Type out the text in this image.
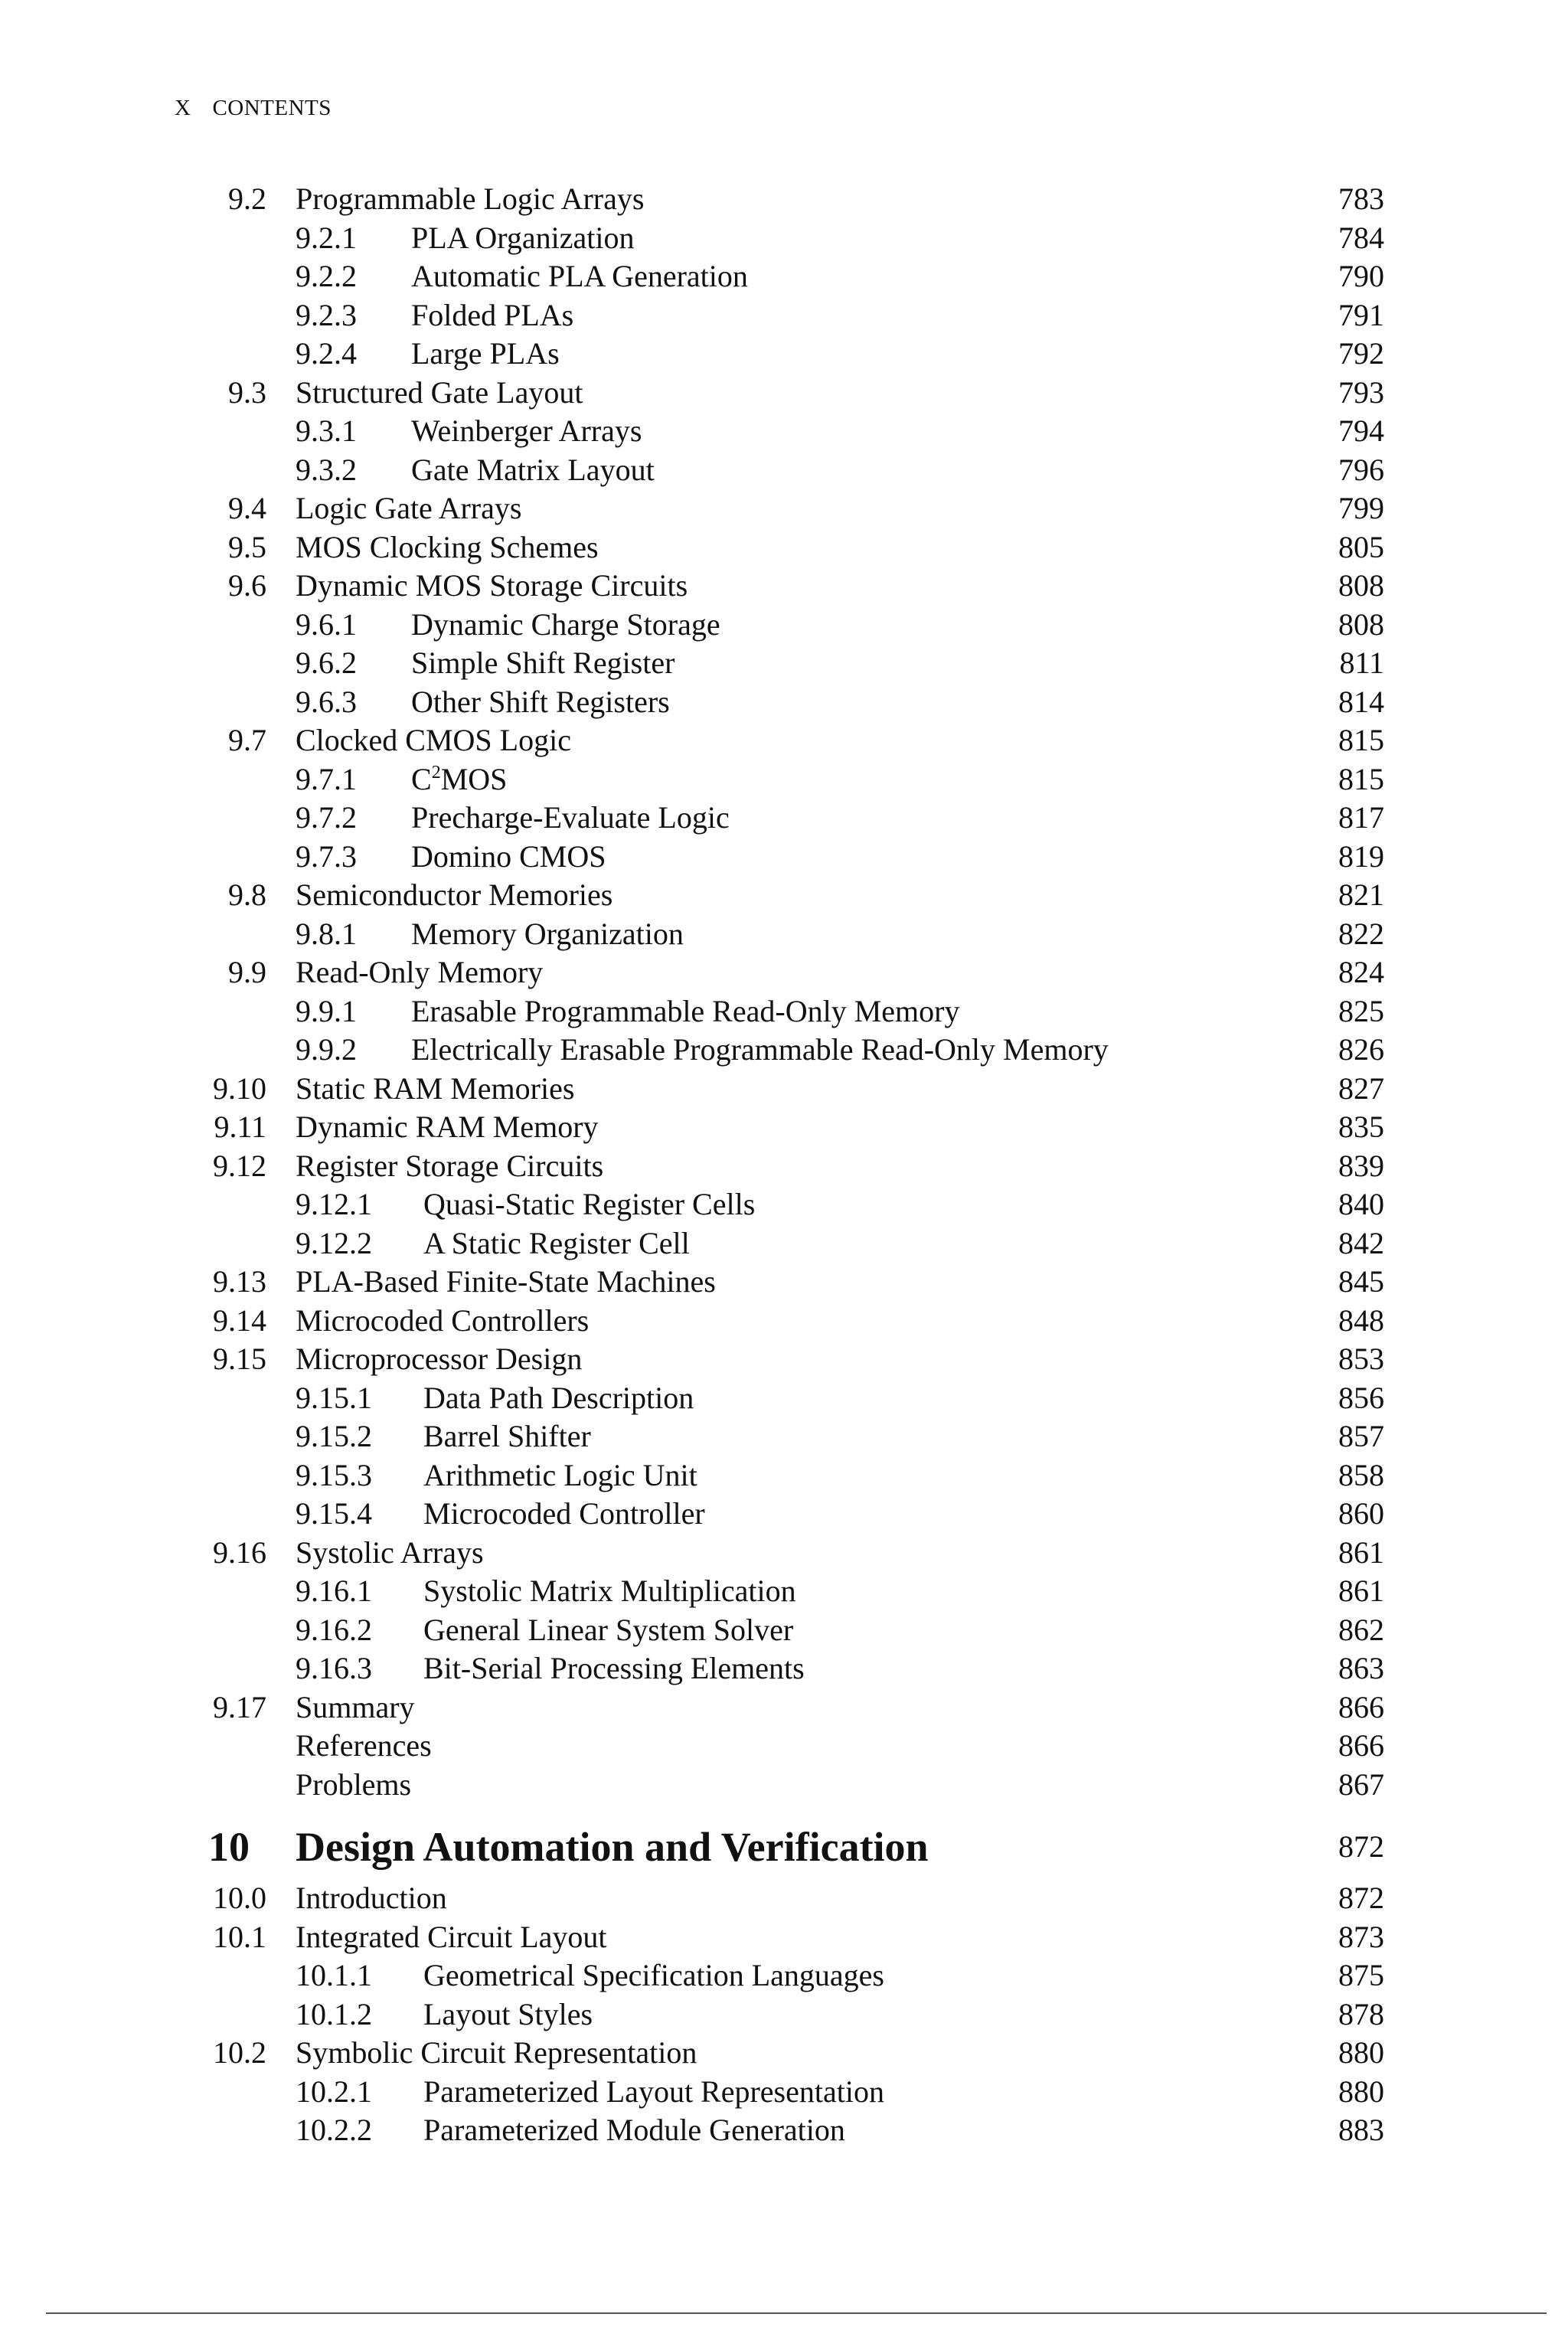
X CONTENTS
9.2 Programmable Logic Arrays	783
9.2.1 PLA Organization	784
9.2.2 Automatic PLA Generation	790
9.2.3 Folded PLAs	791
9.2.4 Large PLAs	792
9.3 Structured Gate Layout	793
9.3.1 Weinberger Arrays	794
9.3.2 Gate Matrix Layout	796
9.4 Logic Gate Arrays	799
9.5 MOS Clocking Schemes	805
9.6 Dynamic MOS Storage Circuits	808
9.6.1 Dynamic Charge Storage	808
9.6.2 Simple Shift Register	811
9.6.3 Other Shift Registers	814
9.7 Clocked CMOS Logic	815
9.7.1 $C^2MOS$	815
9.7.2 Precharge-Evaluate Logic	817
9.7.3 Domino CMOS	819
9.8 Semiconductor Memories	821
9.8.1 Memory Organization	822
9.9 Read-Only Memory	824
9.9.1 Erasable Programmable Read-Only Memory	825
9.9.2 Electrically Erasable Programmable Read-Only Memory	826
9.10 Static RAM Memories	827
9.11 Dynamic RAM Memory	835
9.12 Register Storage Circuits	839
9.12.1 Quasi-Static Register Cells	840
9.12.2 A Static Register Cell	842
9.13 PLA-Based Finite-State Machines	845
9.14 Microcoded Controllers	848
9.15 Microprocessor Design	853
9.15.1 Data Path Description	856
9.15.2 Barrel Shifter	857
9.15.3 Arithmetic Logic Unit	858
9.15.4 Microcoded Controller	860
9.16 Systolic Arrays	861
9.16.1 Systolic Matrix Multiplication	861
9.16.2 General Linear System Solver	862
9.16.3 Bit-Serial Processing Elements	863
9.17 Summary	866
References	866
Problems	867
10 Design Automation and Verification	872
10.0 Introduction	872
10.1 Integrated Circuit Layout	873
10.1.1 Geometrical Specification Languages	875
10.1.2 Layout Styles	878
10.2 Symbolic Circuit Representation	880
10.2.1 Parameterized Layout Representation	880
10.2.2 Parameterized Module Generation	883
